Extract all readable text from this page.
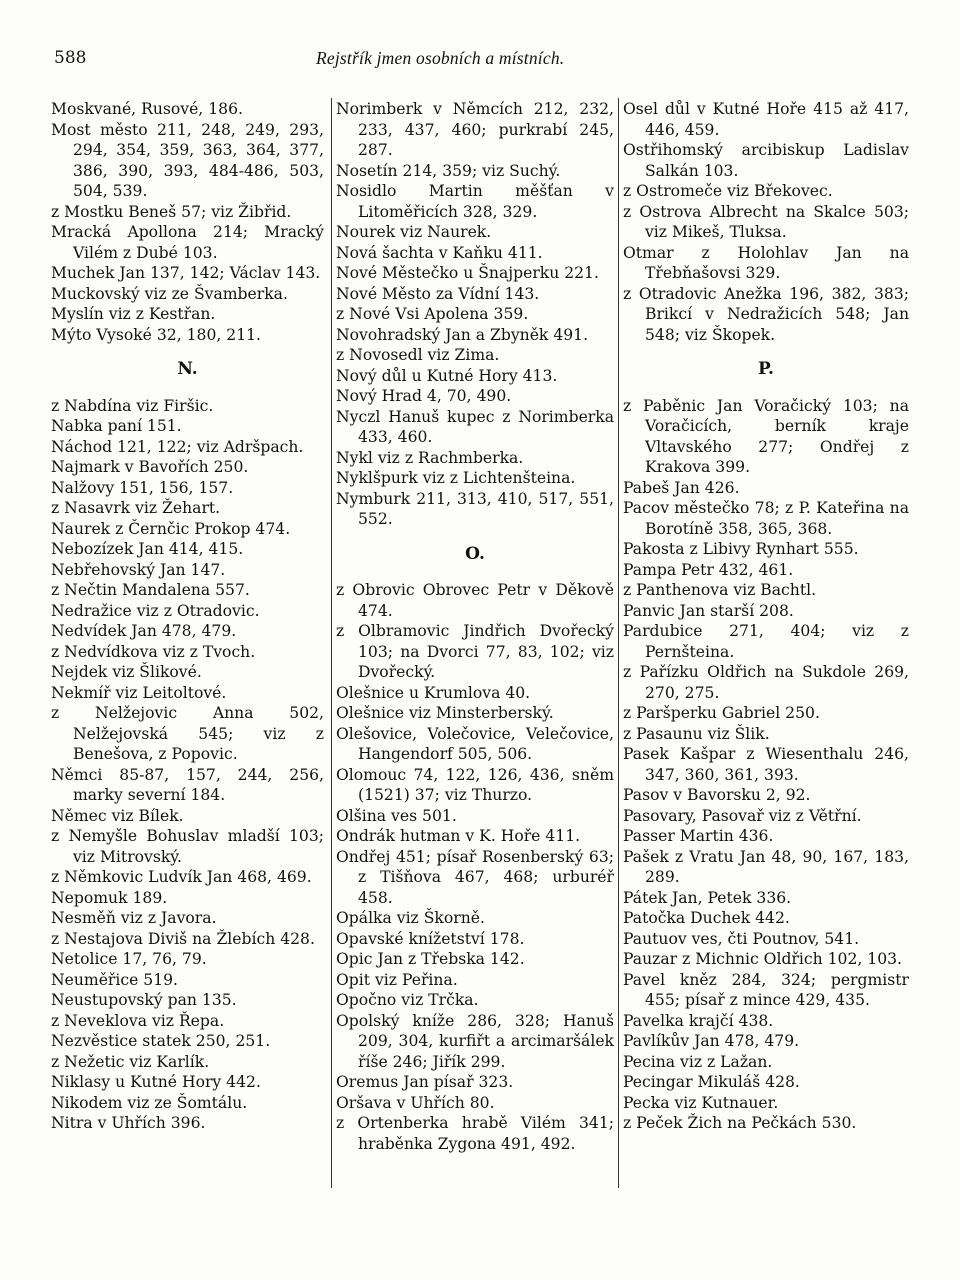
588	Rejstřík jmen osobních a místních.
Moskvané, Rusové, 186.
Most město 211, 248, 249, 293, 294, 354, 359, 363, 364, 377, 386, 390, 393, 484-486, 503, 504, 539.
z Mostku Beneš 57; viz Žibřid.
Mracká Apollona 214; Mracký Vilém z Dubé 103.
Muchek Jan 137, 142; Václav 143.
Muckovský viz ze Švamberka.
Myslín viz z Kestřan.
Mýto Vysoké 32, 180, 211.
N.
z Nabdína viz Firšic.
Nabka paní 151.
Náchod 121, 122; viz Adršpach.
Najmark v Bavořích 250.
Nalžovy 151, 156, 157.
z Nasavrk viz Žehart.
Naurek z Černčic Prokop 474.
Nebozízek Jan 414, 415.
Nebřehovský Jan 147.
z Nečtin Mandalena 557.
Nedražice viz z Otradovic.
Nedvídek Jan 478, 479.
z Nedvídkova viz z Tvoch.
Nejdek viz Šlikové.
Nekmíř viz Leitoltové.
z Nelžejovic Anna 502, Nelžejovská 545; viz z Benešova, z Popovic.
Němci 85-87, 157, 244, 256, marky severní 184.
Němec viz Bílek.
z Nemyšle Bohuslav mladší 103; viz Mitrovský.
z Němkovic Ludvík Jan 468, 469.
Nepomuk 189.
Nesměň viz z Javora.
z Nestajova Diviš na Žlebích 428.
Netolice 17, 76, 79.
Neuměřice 519.
Neustupovský pan 135.
z Neveklova viz Řepa.
Nezvěstice statek 250, 251.
z Nežetic viz Karlík.
Niklasy u Kutné Hory 442.
Nikodem viz ze Šomtálu.
Nitra v Uhřích 396.
Norimberk v Němcích 212, 232, 233, 437, 460; purkrabí 245, 287.
Nosetín 214, 359; viz Suchý.
Nosidlo Martin měšťan v Litoměřicích 328, 329.
Nourek viz Naurek.
Nová šachta v Kaňku 411.
Nové Městečko u Šnajperku 221.
Nové Město za Vídní 143.
z Nové Vsi Apolena 359.
Novohradský Jan a Zbyněk 491.
z Novosedl viz Zima.
Nový důl u Kutné Hory 413.
Nový Hrad 4, 70, 490.
Nyczl Hanuš kupec z Norimberka 433, 460.
Nykl viz z Rachmberka.
Nyklšpurk viz z Lichtenšteina.
Nymburk 211, 313, 410, 517, 551, 552.
O.
z Obrovic Obrovec Petr v Děkově 474.
z Olbramovic Jindřich Dvořecký 103; na Dvorci 77, 83, 102; viz Dvořecký.
Olešnice u Krumlova 40.
Olešnice viz Minsterberský.
Olešovice, Volečovice, Velečovice, Hangendorf 505, 506.
Olomouc 74, 122, 126, 436, sněm (1521) 37; viz Thurzo.
Olšina ves 501.
Ondrák hutman v K. Hoře 411.
Ondřej 451; písař Rosenberský 63; z Tišňova 467, 468; urburéř 458.
Opálka viz Škorně.
Opavské knížetství 178.
Opic Jan z Třebska 142.
Opit viz Peřina.
Opočno viz Trčka.
Opolský kníže 286, 328; Hanuš 209, 304, kurfiřt a arcimaršálek říše 246; Jiřík 299.
Oremus Jan písař 323.
Oršava v Uhřích 80.
z Ortenberka hrabě Vilém 341; hraběnka Zygona 491, 492.
Osel důl v Kutné Hoře 415 až 417, 446, 459.
Ostřihomský arcibiskup Ladislav Salkán 103.
z Ostromeče viz Břekovec.
z Ostrova Albrecht na Skalce 503; viz Mikeš, Tluksa.
Otmar z Holohlav Jan na Třebňašovsi 329.
z Otradovic Anežka 196, 382, 383; Brikcí v Nedražicích 548; Jan 548; viz Škopek.
P.
z Paběnic Jan Voračický 103; na Voračicích, berník kraje Vltavského 277; Ondřej z Krakova 399.
Pabeš Jan 426.
Pacov městečko 78; z P. Kateřina na Borotíně 358, 365, 368.
Pakosta z Libivy Rynhart 555.
Pampa Petr 432, 461.
z Panthenova viz Bachtl.
Panvic Jan starší 208.
Pardubice 271, 404; viz z Pernšteina.
z Pařízku Oldřich na Sukdole 269, 270, 275.
z Paršperku Gabriel 250.
z Pasaunu viz Šlik.
Pasek Kašpar z Wiesenthalu 246, 347, 360, 361, 393.
Pasov v Bavorsku 2, 92.
Pasovary, Pasovař viz z Větřní.
Passer Martin 436.
Pašek z Vratu Jan 48, 90, 167, 183, 289.
Pátek Jan, Petek 336.
Patočka Duchek 442.
Pautuov ves, čti Poutnov, 541.
Pauzar z Michnic Oldřich 102, 103.
Pavel kněz 284, 324; pergmistr 455; písař z mince 429, 435.
Pavelka krajčí 438.
Pavlíkův Jan 478, 479.
Pecina viz z Lažan.
Pecingar Mikuláš 428.
Pecka viz Kutnauer.
z Peček Žich na Pečkách 530.
